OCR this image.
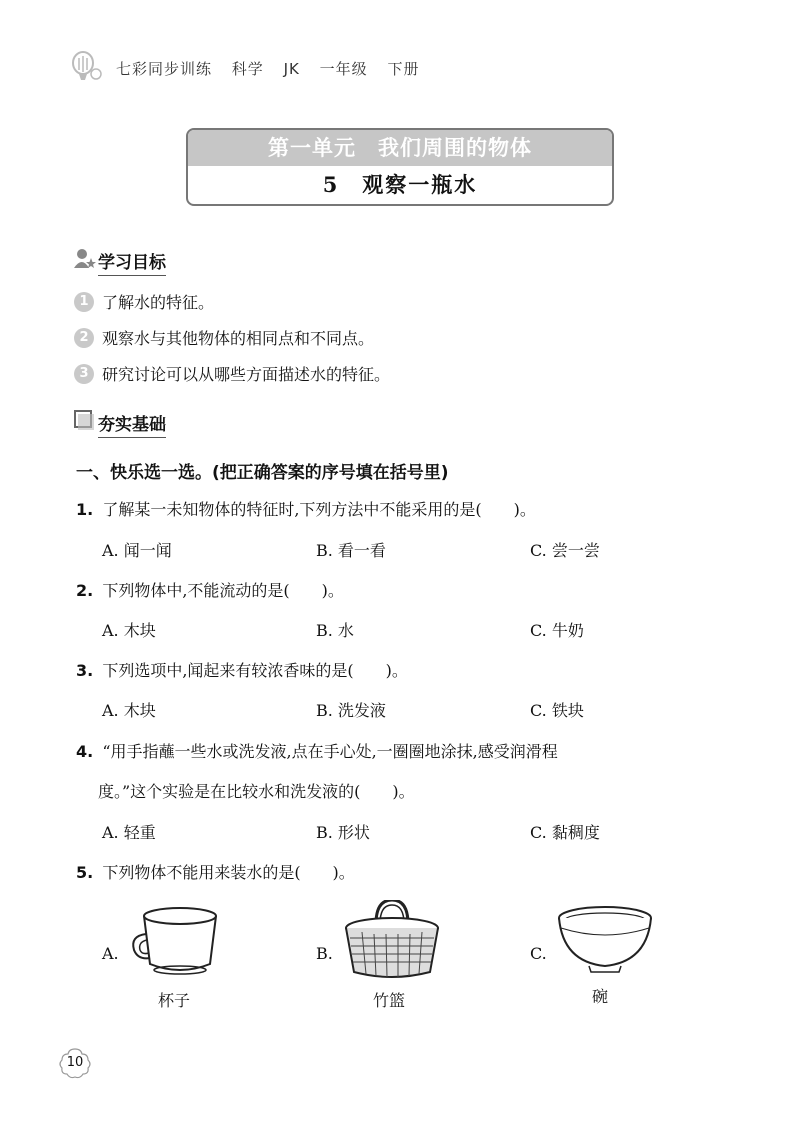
七彩同步训练 科学 JK 一年级 下册
第一单元　我们周围的物体
5　观察一瓶水
学习目标
1 了解水的特征。
2 观察水与其他物体的相同点和不同点。
3 研究讨论可以从哪些方面描述水的特征。
夯实基础
一、快乐选一选。(把正确答案的序号填在括号里)
1. 了解某一未知物体的特征时,下列方法中不能采用的是(　　)。
A. 闻一闻	B. 看一看	C. 尝一尝
2. 下列物体中,不能流动的是(　　)。
A. 木块	B. 水	C. 牛奶
3. 下列选项中,闻起来有较浓香味的是(　　)。
A. 木块	B. 洗发液	C. 铁块
4. “用手指蘸一些水或洗发液,点在手心处,一圈圈地涂抹,感受润滑程
度。”这个实验是在比较水和洗发液的(　　)。
A. 轻重	B. 形状	C. 黏稠度
5. 下列物体不能用来装水的是(　　)。
A.
杯子
B.
竹篮
C.
碗
10
